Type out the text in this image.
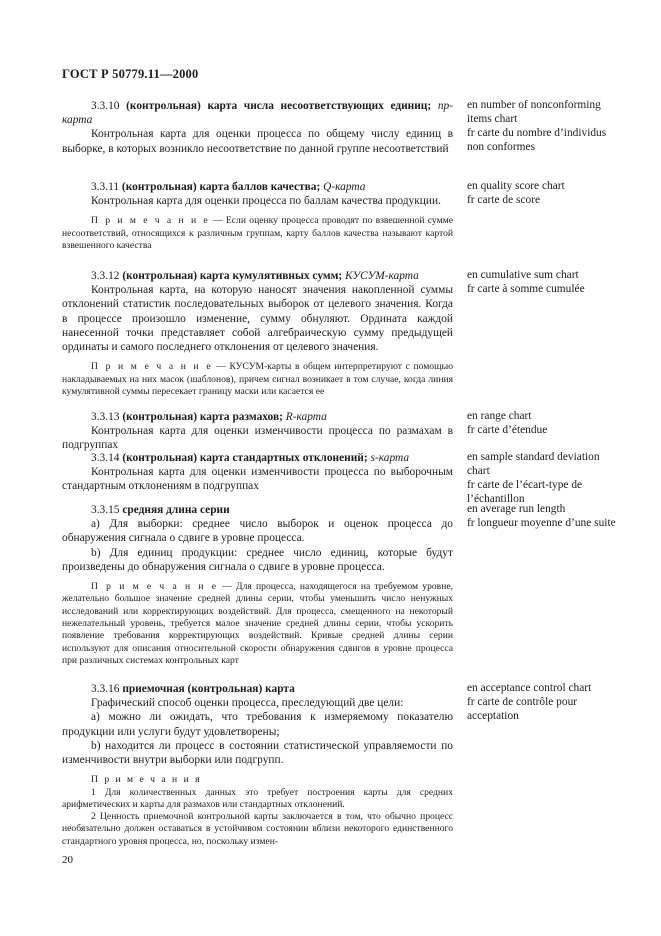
ГОСТ Р 50779.11—2000

3.3.10 (контрольная) карта числа несоответствующих единиц; пр-карта

Контрольная карта для оценки процесса по общему числу единиц в выборке, в которых возникло несоответствие по данной группе несоответствий

en number of nonconforming items chart
fr carte du nombre d’individus non conformes

3.3.11 (контрольная) карта баллов качества; Q-карта

Контрольная карта для оценки процесса по баллам качества продукции.

П р и м е ч а н и е — Если оценку процесса проводят по взвешенной сумме несоответствий, относящихся к различным группам, карту баллов качества называют картой взвешенного качества

en quality score chart
fr carte de score

3.3.12 (контрольная) карта кумулятивных сумм; КУСУМ-карта

Контрольная карта, на которую наносят значения накопленной суммы отклонений статистик последовательных выборок от целевого значения. Когда в процессе произошло изменение, сумму обнуляют. Ордината каждой нанесенной точки представляет собой алгебраическую сумму предыдущей ординаты и самого последнего отклонения от целевого значения.

П р и м е ч а н и е — КУСУМ-карты в общем интерпретируют с помощью накладываемых на них масок (шаблонов), причем сигнал возникает в том случае, когда линия кумулятивной суммы пересекает границу маски или касается ее

en cumulative sum chart
fr carte à somme cumulée

3.3.13 (контрольная) карта размахов; R-карта

Контрольная карта для оценки изменчивости процесса по размахам в подгруппах

en range chart
fr carte d’étendue

3.3.14 (контрольная) карта стандартных отклонений; s-карта

Контрольная карта для оценки изменчивости процесса по выборочным стандартным отклонениям в подгруппах

en sample standard deviation chart
fr carte de l’écart-type de l’échantillon

3.3.15 средняя длина серии

а) Для выборки: среднее число выборок и оценок процесса до обнаружения сигнала о сдвиге в уровне процесса.

b) Для единиц продукции: среднее число единиц, которые будут произведены до обнаружения сигнала о сдвиге в уровне процесса.

П р и м е ч а н и е — Для процесса, находящегося на требуемом уровне, желательно большое значение средней длины серии, чтобы уменьшить число ненужных исследований или корректирующих воздействий. Для процесса, смещенного на некоторый нежелательный уровень, требуется малое значение средней длины серии, чтобы ускорить появление требования корректирующих воздействий. Кривые средней длины серии используют для описания относительной скорости обнаружения сдвигов в уровне процесса при различных системах контрольных карт

en average run length
fr longueur moyenne d’une suite

3.3.16 приемочная (контрольная) карта

Графический способ оценки процесса, преследующий две цели:

а) можно ли ожидать, что требования к измеряемому показателю продукции или услуги будут удовлетворены;

b) находится ли процесс в состоянии статистической управляемости по изменчивости внутри выборки или подгрупп.

П р и м е ч а н и я

1 Для количественных данных это требует построения карты для средних арифметических и карты для размахов или стандартных отклонений.

2 Ценность приемочной контрольной карты заключается в том, что обычно процесс необязательно должен оставаться в устойчивом состоянии вблизи некоторого единственного стандартного уровня процесса, но, поскольку измен-

en acceptance control chart
fr carte de contrôle pour acceptation
20
